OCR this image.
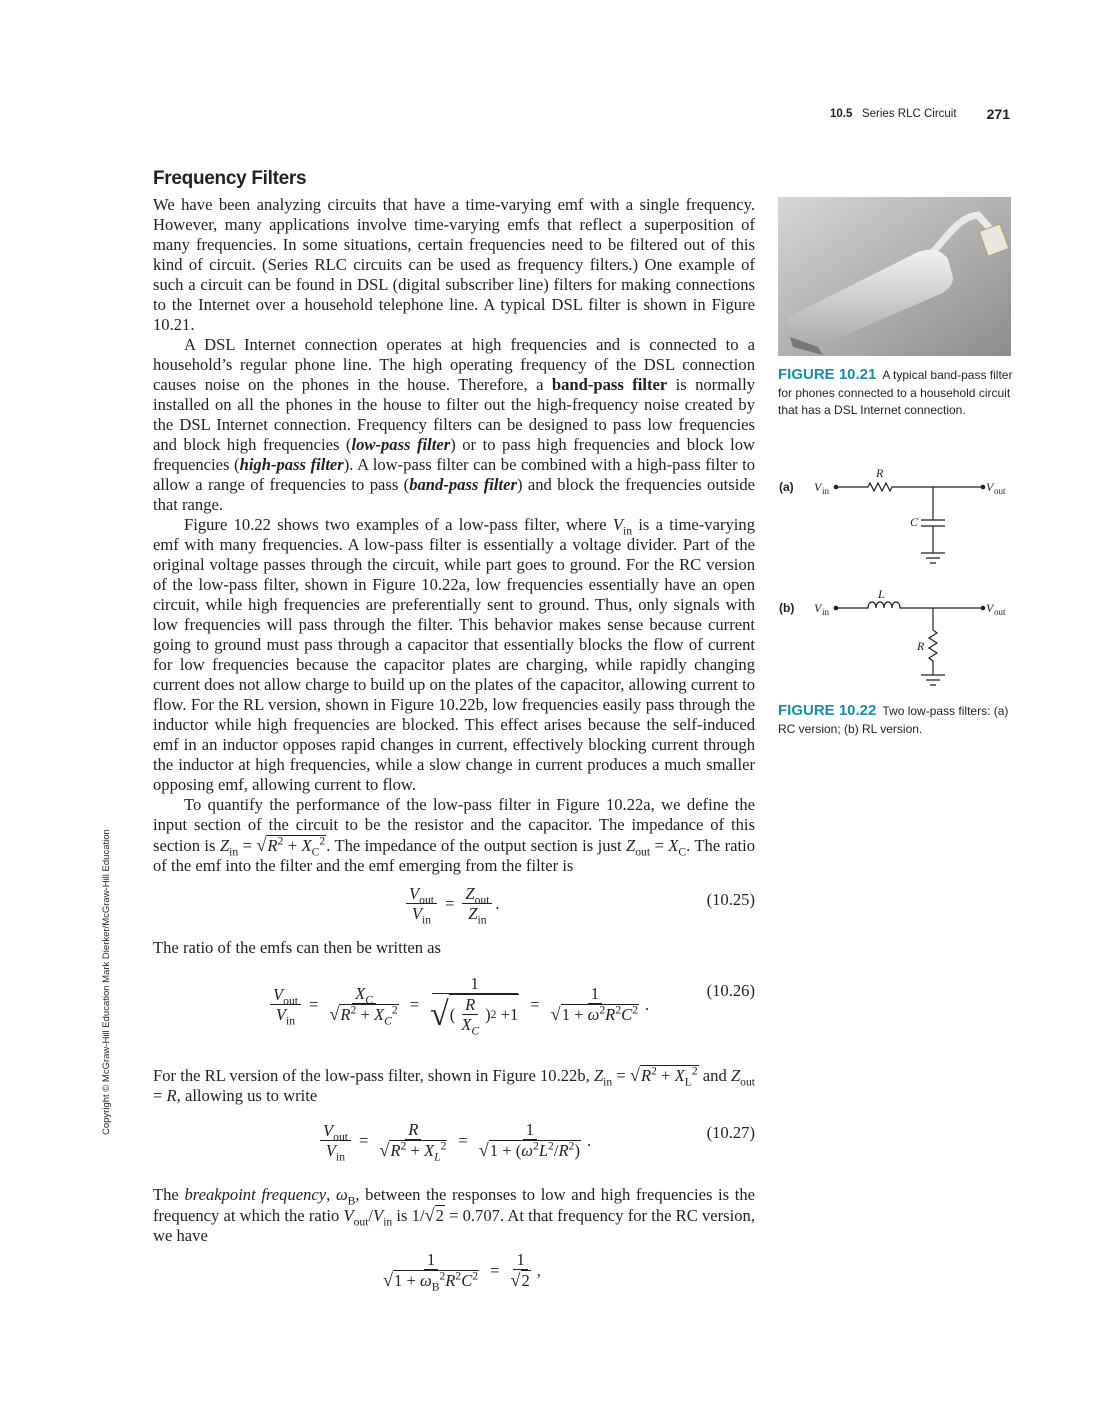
10.5 Series RLC Circuit 271
Frequency Filters

We have been analyzing circuits that have a time-varying emf with a single frequency. However, many applications involve time-varying emfs that reflect a superposition of many frequencies. In some situations, certain frequencies need to be filtered out of this kind of circuit. (Series RLC circuits can be used as frequency filters.) One example of such a circuit can be found in DSL (digital subscriber line) filters for making connections to the Internet over a household telephone line. A typical DSL filter is shown in Figure 10.21.

A DSL Internet connection operates at high frequencies and is connected to a household’s regular phone line. The high operating frequency of the DSL connection causes noise on the phones in the house. Therefore, a band-pass filter is normally installed on all the phones in the house to filter out the high-frequency noise created by the DSL Internet connection. Frequency filters can be designed to pass low frequencies and block high frequencies (low-pass filter) or to pass high frequencies and block low frequencies (high-pass filter). A low-pass filter can be combined with a high-pass filter to allow a range of frequencies to pass (band-pass filter) and block the frequencies outside that range.

Figure 10.22 shows two examples of a low-pass filter, where $V_{in}$ is a time-varying emf with many frequencies. A low-pass filter is essentially a voltage divider. Part of the original voltage passes through the circuit, while part goes to ground. For the RC version of the low-pass filter, shown in Figure 10.22a, low frequencies essentially have an open circuit, while high frequencies are preferentially sent to ground. Thus, only signals with low frequencies will pass through the filter. This behavior makes sense because current going to ground must pass through a capacitor that essentially blocks the flow of current for low frequencies because the capacitor plates are charging, while rapidly changing current does not allow charge to build up on the plates of the capacitor, allowing current to flow. For the RL version, shown in Figure 10.22b, low frequencies easily pass through the inductor while high frequencies are blocked. This effect arises because the self-induced emf in an inductor opposes rapid changes in current, effectively blocking current through the inductor at high frequencies, while a slow change in current produces a much smaller opposing emf, allowing current to flow.

To quantify the performance of the low-pass filter in Figure 10.22a, we define the input section of the circuit to be the resistor and the capacitor. The impedance of this section is $Z_{in} = √R^2 + X_C^2$. The impedance of the output section is just $Z_{out} = X_C$. The ratio of the emf into the filter and the emf emerging from the filter is

$\frac{V_{out}}{V_{in}} = \frac{Z_{out}}{Z_{in}}$ .	(10.25)
The ratio of the emfs can then be written as
$\frac{V_{out}}{V_{in}} = \frac{X_C}{√R^2 + X_C^2} = \frac{1}{√ ( \frac{R}{X_C} ) 2 + 1} = \frac{1}{√1 + \omega^2R^2C^2}$ .
(10.26)
For the RL version of the low-pass filter, shown in Figure 10.22b, $Z_{in} = √R^2 + X_L^2$ and $Z_{out} = R$, allowing us to write
$\frac{V_{out}}{V_{in}} = \frac{R}{√R^2 + X_L^2} = \frac{1}{√1 + (\omega^2L^2/R^2)}$ .	(10.27)
The breakpoint frequency, $\omega_B$, between the responses to low and high frequencies is the frequency at which the ratio $V_{out}/V_{in}$ is 1/√2 = 0.707. At that frequency for the RC version, we have
$\frac{1}{√1 + \omega_B^2R^2C^2} = \frac{1}{√2}$ ,
FIGURE 10.21 A typical band-pass filter for phones connected to a household circuit that has a DSL Internet connection.
(a) V in	V out
R
C
(b) V in	V out
L
R
FIGURE 10.22 Two low-pass filters: (a) RC version; (b) RL version.
Copyright © McGraw-Hill Education Mark Dierker/McGraw-Hill Education
